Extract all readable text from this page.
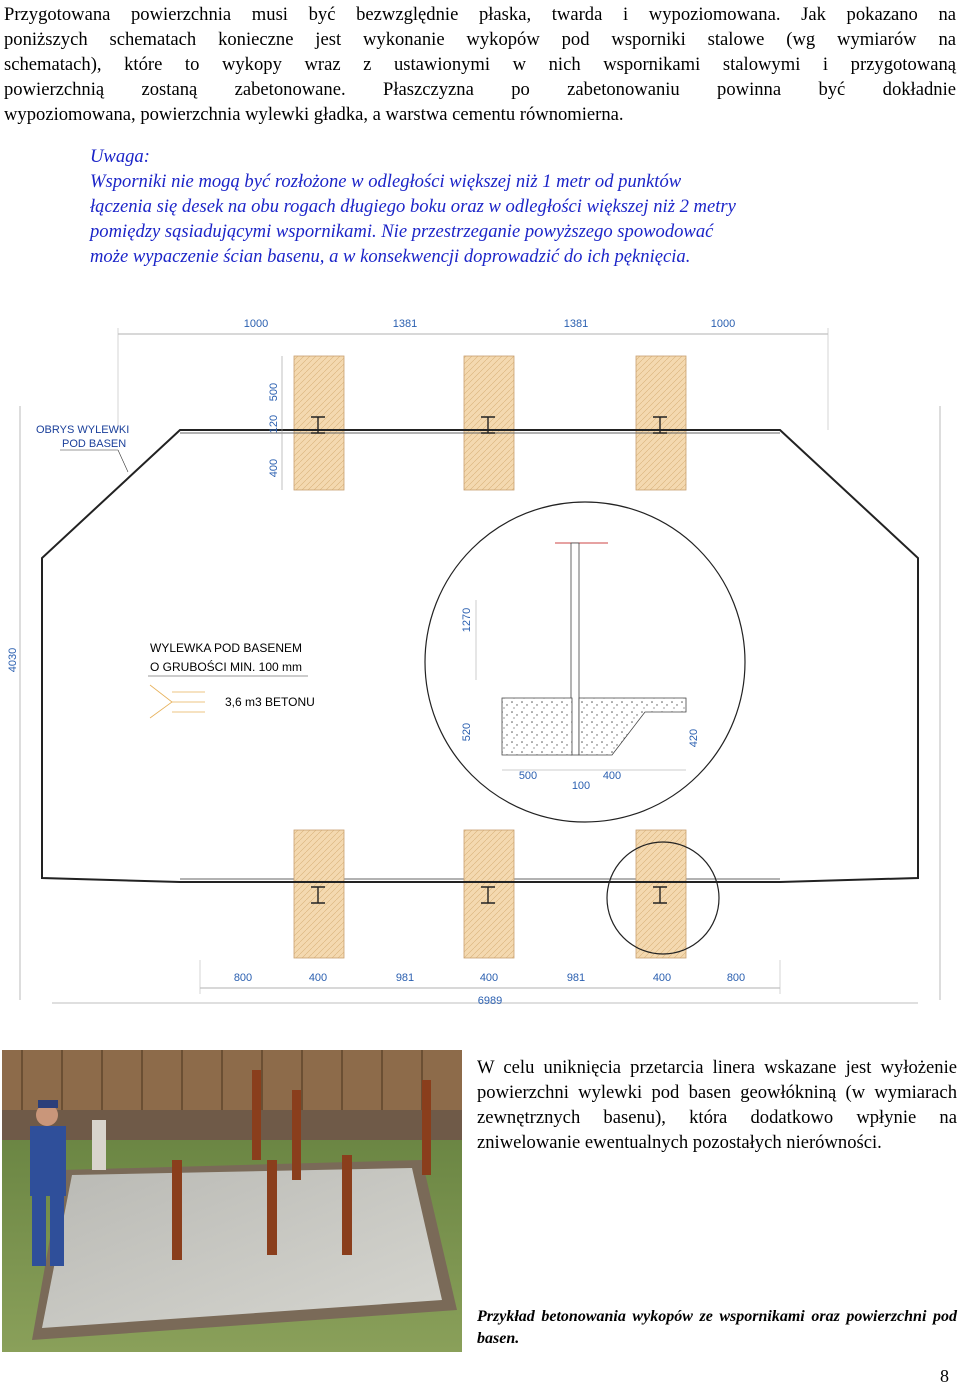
Przygotowana powierzchnia musi być bezwzględnie płaska, twarda i wypoziomowana. Jak pokazano na
poniższych schematach konieczne jest wykonanie wykopów pod wsporniki stalowe (wg wymiarów na
schematach), które to wykopy wraz z ustawionymi w nich wspornikami stalowymi i przygotowaną
powierzchnią zostaną zabetonowane. Płaszczyzna po zabetonowaniu powinna być dokładnie
wypoziomowana, powierzchnia wylewki gładka, a warstwa cementu równomierna.

Uwaga:

Wsporniki nie mogą być rozłożone w odległości większej niż 1 metr od punktów
łączenia się desek na obu rogach długiego boku oraz w odległości większej niż 2 metry
pomiędzy sąsiadującymi wspornikami. Nie przestrzeganie powyższego spowodować
może wypaczenie ścian basenu, a w konsekwencji doprowadzić do ich pęknięcia.
1000	1381	1381	1000
4030
500
120
400
OBRYS WYLEWKI
POD BASEN
1270
520	420
500
100
400
WYLEWKA POD BASENEM
O GRUBOŚCI MIN. 100 mm
3,6 m3 BETONU
800	400	981	400	981	400	800
6989

W celu uniknięcia przetarcia linera wskazane jest wyłożenie powierzchni wylewki pod basen geowłókniną (w wymiarach zewnętrznych basenu), która dodatkowo wpłynie na zniwelowanie ewentualnych pozostałych nierówności.

Przykład betonowania wykopów ze wspornikami oraz powierzchni pod basen.

8
